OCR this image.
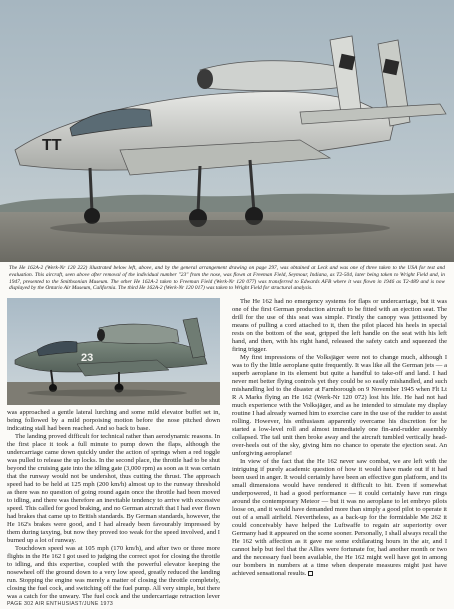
TT
The He 162A-2 (Werk-Nr 120 222) illustrated below left, above, and by the general arrangement drawing on page 297, was obtained at Leck and was one of three taken to the USA for test and evaluation. This aircraft, seen above after removal of the individual number "23" from the nose, was flown at Freeman Field, Seymour, Indiana, as T2-504, later being taken to Wright Field and, in 1947, presented to the Smithsonian Museum. The other He 162A-2 taken to Freeman Field (Werk-Nr 120 077) was transferred to Edwards AFB where it was flown in 1946 as T2-489 and is now displayed by the Ontario Air Museum, California. The third He 162A-2 (Werk-Nr 120 017) was taken to Wright Field for structural analysis.
23

was approached a gentle lateral lurching and some mild elevator buffet set in, being followed by a mild porpoising motion before the nose pitched down indicating stall had been reached. And so back to base.

The landing proved difficult for technical rather than aerodynamic reasons. In the first place it took a full minute to pump down the flaps, although the undercarriage came down quickly under the action of springs when a red toggle was pulled to release the up locks. In the second place, the throttle had to be shut beyond the cruising gate into the idling gate (3,000 rpm) as soon as it was certain that the runway would not be undershot, thus cutting the thrust. The approach speed had to be held at 125 mph (200 km/h) almost up to the runway threshold as there was no question of going round again once the throttle had been moved to idling, and there was therefore an inevitable tendency to arrive with excessive speed. This called for good braking, and no German aircraft that I had ever flown had brakes that came up to British standards. By German standards, however, the He 162's brakes were good, and I had already been favourably impressed by them during taxying, but now they proved too weak for the speed involved, and I burned up a lot of runway.

Touchdown speed was at 105 mph (170 km/h), and after two or three more flights in the He 162 I got used to judging the correct spot for closing the throttle to idling, and this expertise, coupled with the powerful elevator keeping the nosewheel off the ground down to a very low speed, greatly reduced the landing run. Stopping the engine was merely a matter of closing the throttle completely, closing the fuel cock, and switching off the fuel pump. All very simple, but there was a catch for the unwary. The fuel cock and the undercarriage retraction lever

The He 162 had no emergency systems for flaps or undercarriage, but it was one of the first German production aircraft to be fitted with an ejection seat. The drill for the use of this seat was simple. Firstly the canopy was jettisoned by means of pulling a cord attached to it, then the pilot placed his heels in special rests on the bottom of the seat, gripped the left handle on the seat with his left hand, and then, with his right hand, released the safety catch and squeezed the firing trigger.

My first impressions of the Volksjäger were not to change much, although I was to fly the little aeroplane quite frequently. It was like all the German jets — a superb aeroplane in its element but quite a handful to take-off and land. I had never met better flying controls yet they could be so easily mishandled, and such mishandling led to the disaster at Farnborough on 9 November 1945 when Flt Lt R A Marks flying an He 162 (Werk-Nr 120 072) lost his life. He had not had much experience with the Volksjäger, and as he intended to simulate my display routine I had already warned him to exercise care in the use of the rudder to assist rolling. However, his enthusiasm apparently overcame his discretion for he started a low-level roll and almost immediately one fin-and-rudder assembly collapsed. The tail unit then broke away and the aircraft tumbled vertically head-over-heels out of the sky, giving him no chance to operate the ejection seat. An unforgiving aeroplane!

In view of the fact that the He 162 never saw combat, we are left with the intriguing if purely academic question of how it would have made out if it had been used in anger. It would certainly have been an effective gun platform, and its small dimensions would have rendered it difficult to hit. Even if somewhat underpowered, it had a good performance — it could certainly have run rings around the contemporary Meteor — but it was no aeroplane to let embryo pilots loose on, and it would have demanded more than simply a good pilot to operate it out of a small airfield. Nevertheless, as a back-up for the formidable Me 262 it could conceivably have helped the Luftwaffe to regain air superiority over Germany had it appeared on the scene sooner. Personally, I shall always recall the He 162 with affection as it gave me some exhilarating hours in the air, and I cannot help but feel that the Allies were fortunate for, had another month or two and the necessary fuel been available, the He 162 might well have got in among our bombers in numbers at a time when desperate measures might just have achieved sensational results.

PAGE 302 AIR ENTHUSIAST/JUNE 1973
